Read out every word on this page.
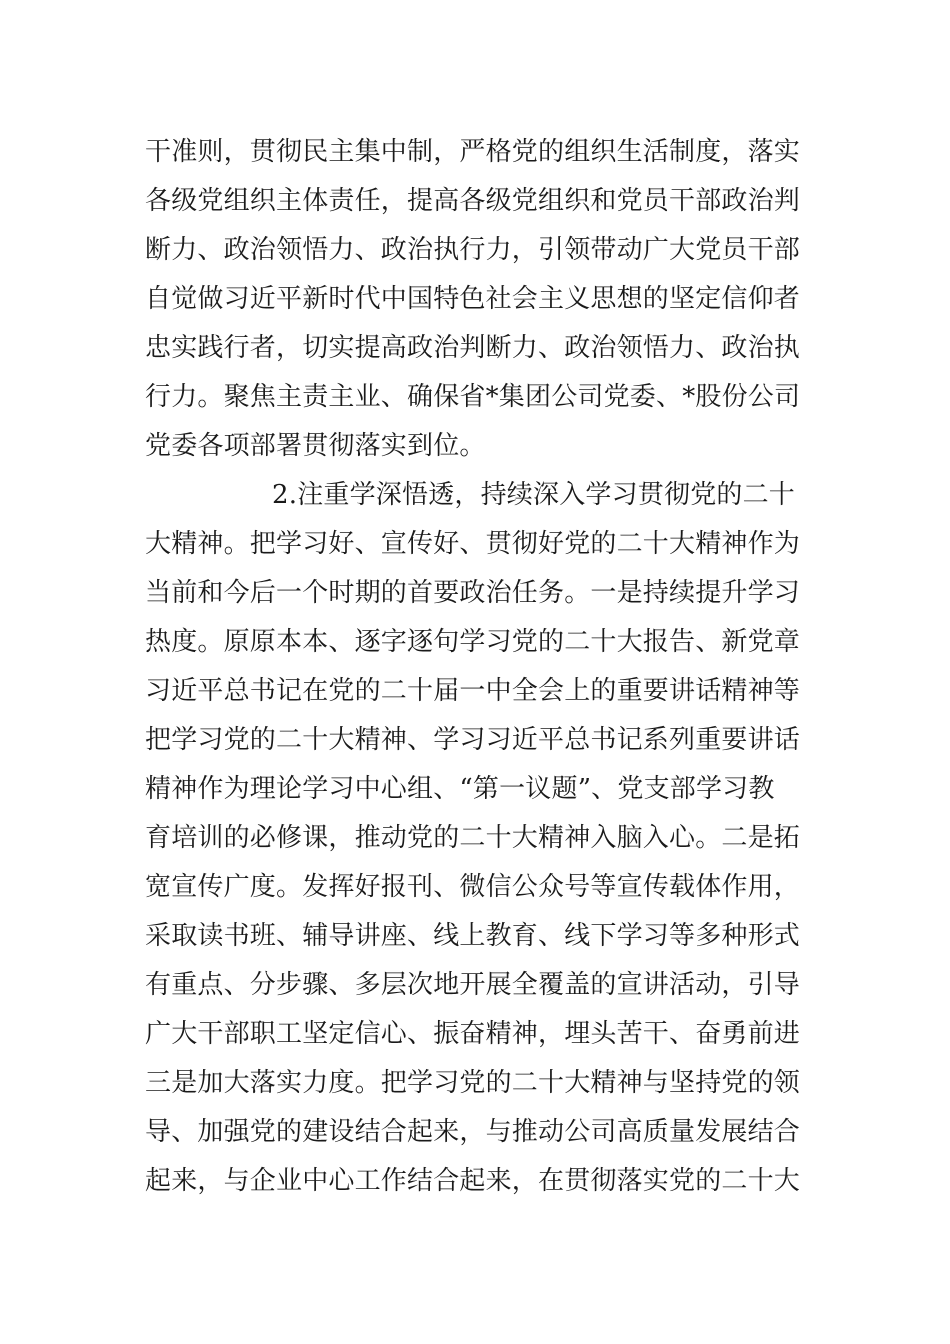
干准则，贯彻民主集中制，严格党的组织生活制度，落实
各级党组织主体责任，提高各级党组织和党员干部政治判
断力、政治领悟力、政治执行力，引领带动广大党员干部
自觉做习近平新时代中国特色社会主义思想的坚定信仰者
忠实践行者，切实提高政治判断力、政治领悟力、政治执
行力。聚焦主责主业、确保省*集团公司党委、*股份公司
党委各项部署贯彻落实到位。
2.注重学深悟透，持续深入学习贯彻党的二十
大精神。把学习好、宣传好、贯彻好党的二十大精神作为
当前和今后一个时期的首要政治任务。一是持续提升学习
热度。原原本本、逐字逐句学习党的二十大报告、新党章
习近平总书记在党的二十届一中全会上的重要讲话精神等
把学习党的二十大精神、学习习近平总书记系列重要讲话
精神作为理论学习中心组、“第一议题”、党支部学习教
育培训的必修课，推动党的二十大精神入脑入心。二是拓
宽宣传广度。发挥好报刊、微信公众号等宣传载体作用，
采取读书班、辅导讲座、线上教育、线下学习等多种形式
有重点、分步骤、多层次地开展全覆盖的宣讲活动，引导
广大干部职工坚定信心、振奋精神，埋头苦干、奋勇前进
三是加大落实力度。把学习党的二十大精神与坚持党的领
导、加强党的建设结合起来，与推动公司高质量发展结合
起来，与企业中心工作结合起来，在贯彻落实党的二十大
